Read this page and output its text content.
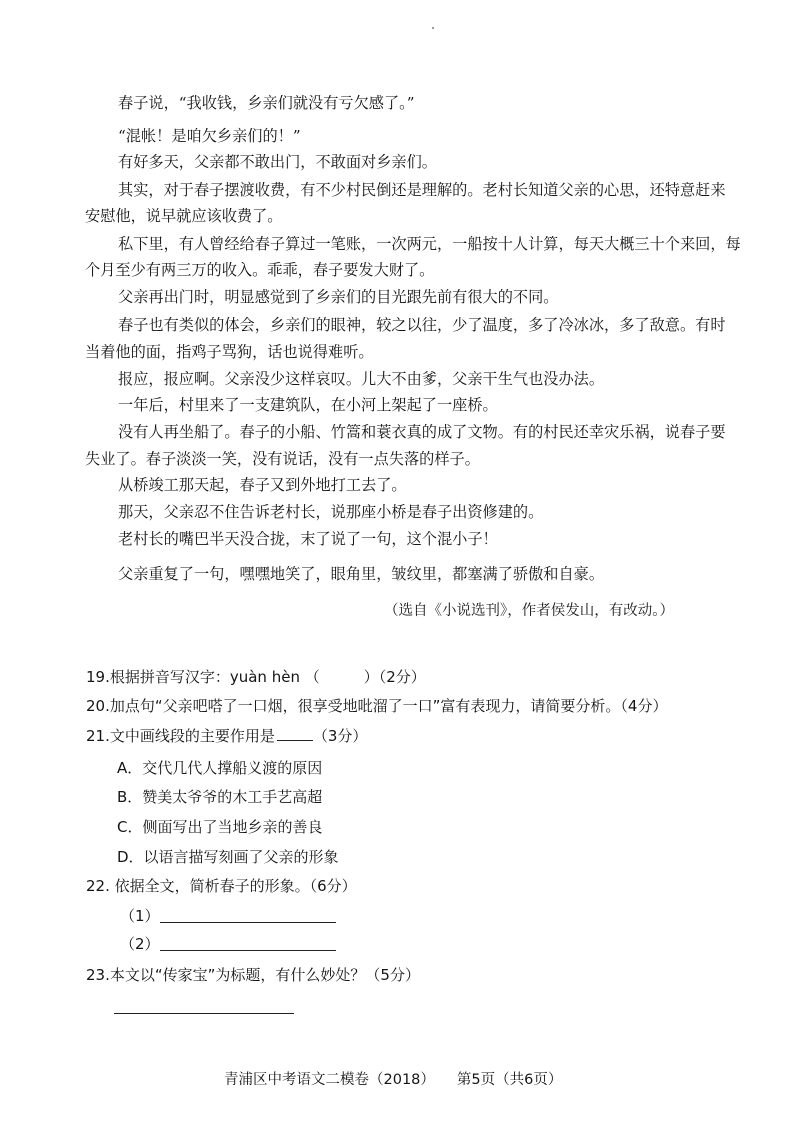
春子说，“我收钱，乡亲们就没有亏欠感了。”
“混帐！是咱欠乡亲们的！”
有好多天，父亲都不敢出门，不敢面对乡亲们。
其实，对于春子摆渡收费，有不少村民倒还是理解的。老村长知道父亲的心思，还特意赶来
安慰他，说早就应该收费了。
私下里，有人曾经给春子算过一笔账，一次两元，一船按十人计算，每天大概三十个来回，每
个月至少有两三万的收入。乖乖，春子要发大财了。
父亲再出门时，明显感觉到了乡亲们的目光跟先前有很大的不同。
春子也有类似的体会，乡亲们的眼神，较之以往，少了温度，多了冷冰冰，多了敌意。有时
当着他的面，指鸡子骂狗，话也说得难听。
报应，报应啊。父亲没少这样哀叹。儿大不由爹，父亲干生气也没办法。
一年后，村里来了一支建筑队，在小河上架起了一座桥。
没有人再坐船了。春子的小船、竹篙和蓑衣真的成了文物。有的村民还幸灾乐祸，说春子要
失业了。春子淡淡一笑，没有说话，没有一点失落的样子。
从桥竣工那天起，春子又到外地打工去了。
那天，父亲忍不住告诉老村长，说那座小桥是春子出资修建的。
老村长的嘴巴半天没合拢，末了说了一句，这个混小子！
父亲重复了一句，嘿嘿地笑了，眼角里，皱纹里，都塞满了骄傲和自豪。
（选自《小说选刊》，作者侯发山，有改动。）
19.根据拼音写汉字：yuàn hèn （	）（2分）
20.加点句“父亲吧嗒了一口烟，很享受地吡溜了一口”富有表现力，请简要分析。（4分）
21.文中画线段的主要作用是	（3分）
A．交代几代人撑船义渡的原因
B．赞美太爷爷的木工手艺高超
C．侧面写出了当地乡亲的善良
D．以语言描写刻画了父亲的形象
22. 依据全文，简析春子的形象。（6分）
（1）
（2）
23.本文以“传家宝”为标题，有什么妙处？（5分）
青浦区中考语文二模卷（2018） 第5页（共6页）
